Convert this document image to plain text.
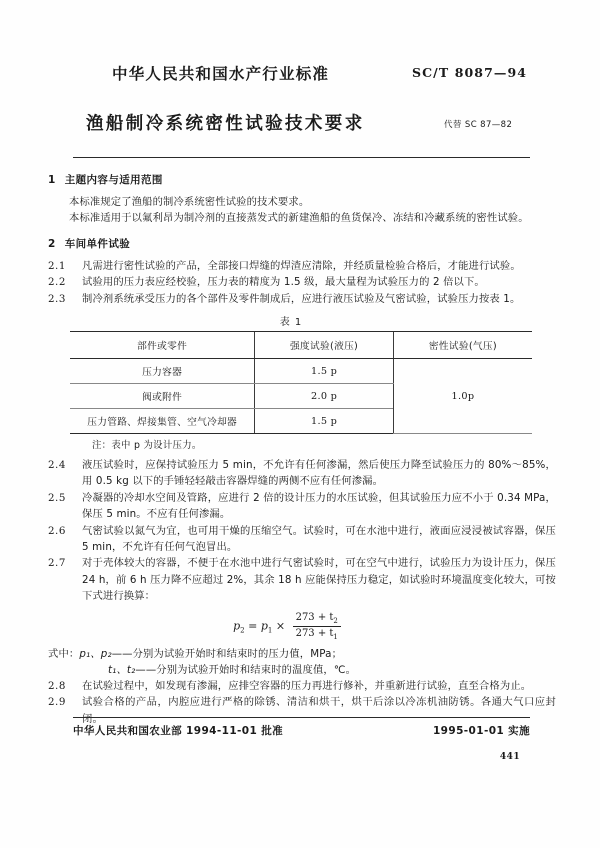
中华人民共和国水产行业标准	SC/T 8087—94
渔船制冷系统密性试验技术要求	代替 SC 87—82
1 主题内容与适用范围

本标准规定了渔船的制冷系统密性试验的技术要求。

本标准适用于以氟利昂为制冷剂的直接蒸发式的新建渔船的鱼货保冷、冻结和冷藏系统的密性试验。

2 车间单件试验
2.1 凡需进行密性试验的产品，全部接口焊缝的焊渣应清除，并经质量检验合格后，才能进行试验。
2.2 试验用的压力表应经校验，压力表的精度为 1.5 级，最大量程为试验压力的 2 倍以下。
2.3 制冷剂系统承受压力的各个部件及零件制成后，应进行液压试验及气密试验，试验压力按表 1。

表 1

部件或零件	强度试验(液压)	密性试验(气压)
压力容器	1.5 p	1.0p
阀或附件	2.0 p	
压力管路、焊接集管、空气冷却器	1.5 p	

注：表中 p 为设计压力。

2.4 液压试验时，应保持试验压力 5 min，不允许有任何渗漏，然后使压力降至试验压力的 80%～85%，用 0.5 kg 以下的手锤轻轻敲击容器焊缝的两侧不应有任何渗漏。
2.5 冷凝器的冷却水空间及管路，应进行 2 倍的设计压力的水压试验，但其试验压力应不小于 0.34 MPa，保压 5 min。不应有任何渗漏。
2.6 气密试验以氮气为宜，也可用干燥的压缩空气。试验时，可在水池中进行，液面应浸浸被试容器，保压 5 min，不允许有任何气泡冒出。
2.7 对于壳体较大的容器，不便于在水池中进行气密试验时，可在空气中进行，试验压力为设计压力，保压 24 h，前 6 h 压力降不应超过 2%，其余 18 h 应能保持压力稳定，如试验时环境温度变化较大，可按下式进行换算：
$p_2 = p_1 \times \frac{273 + t_2}{273 + t_1}$
式中：p₁、p₂——分别为试验开始时和结束时的压力值，MPa；
t₁、t₂——分别为试验开始时和结束时的温度值，℃。
2.8 在试验过程中，如发现有渗漏，应排空容器的压力再进行修补，并重新进行试验，直至合格为止。
2.9 试验合格的产品，内腔应进行严格的除锈、清洁和烘干，烘干后涂以冷冻机油防锈。各通大气口应封闭。
中华人民共和国农业部 1994-11-01 批准	1995-01-01 实施
441
